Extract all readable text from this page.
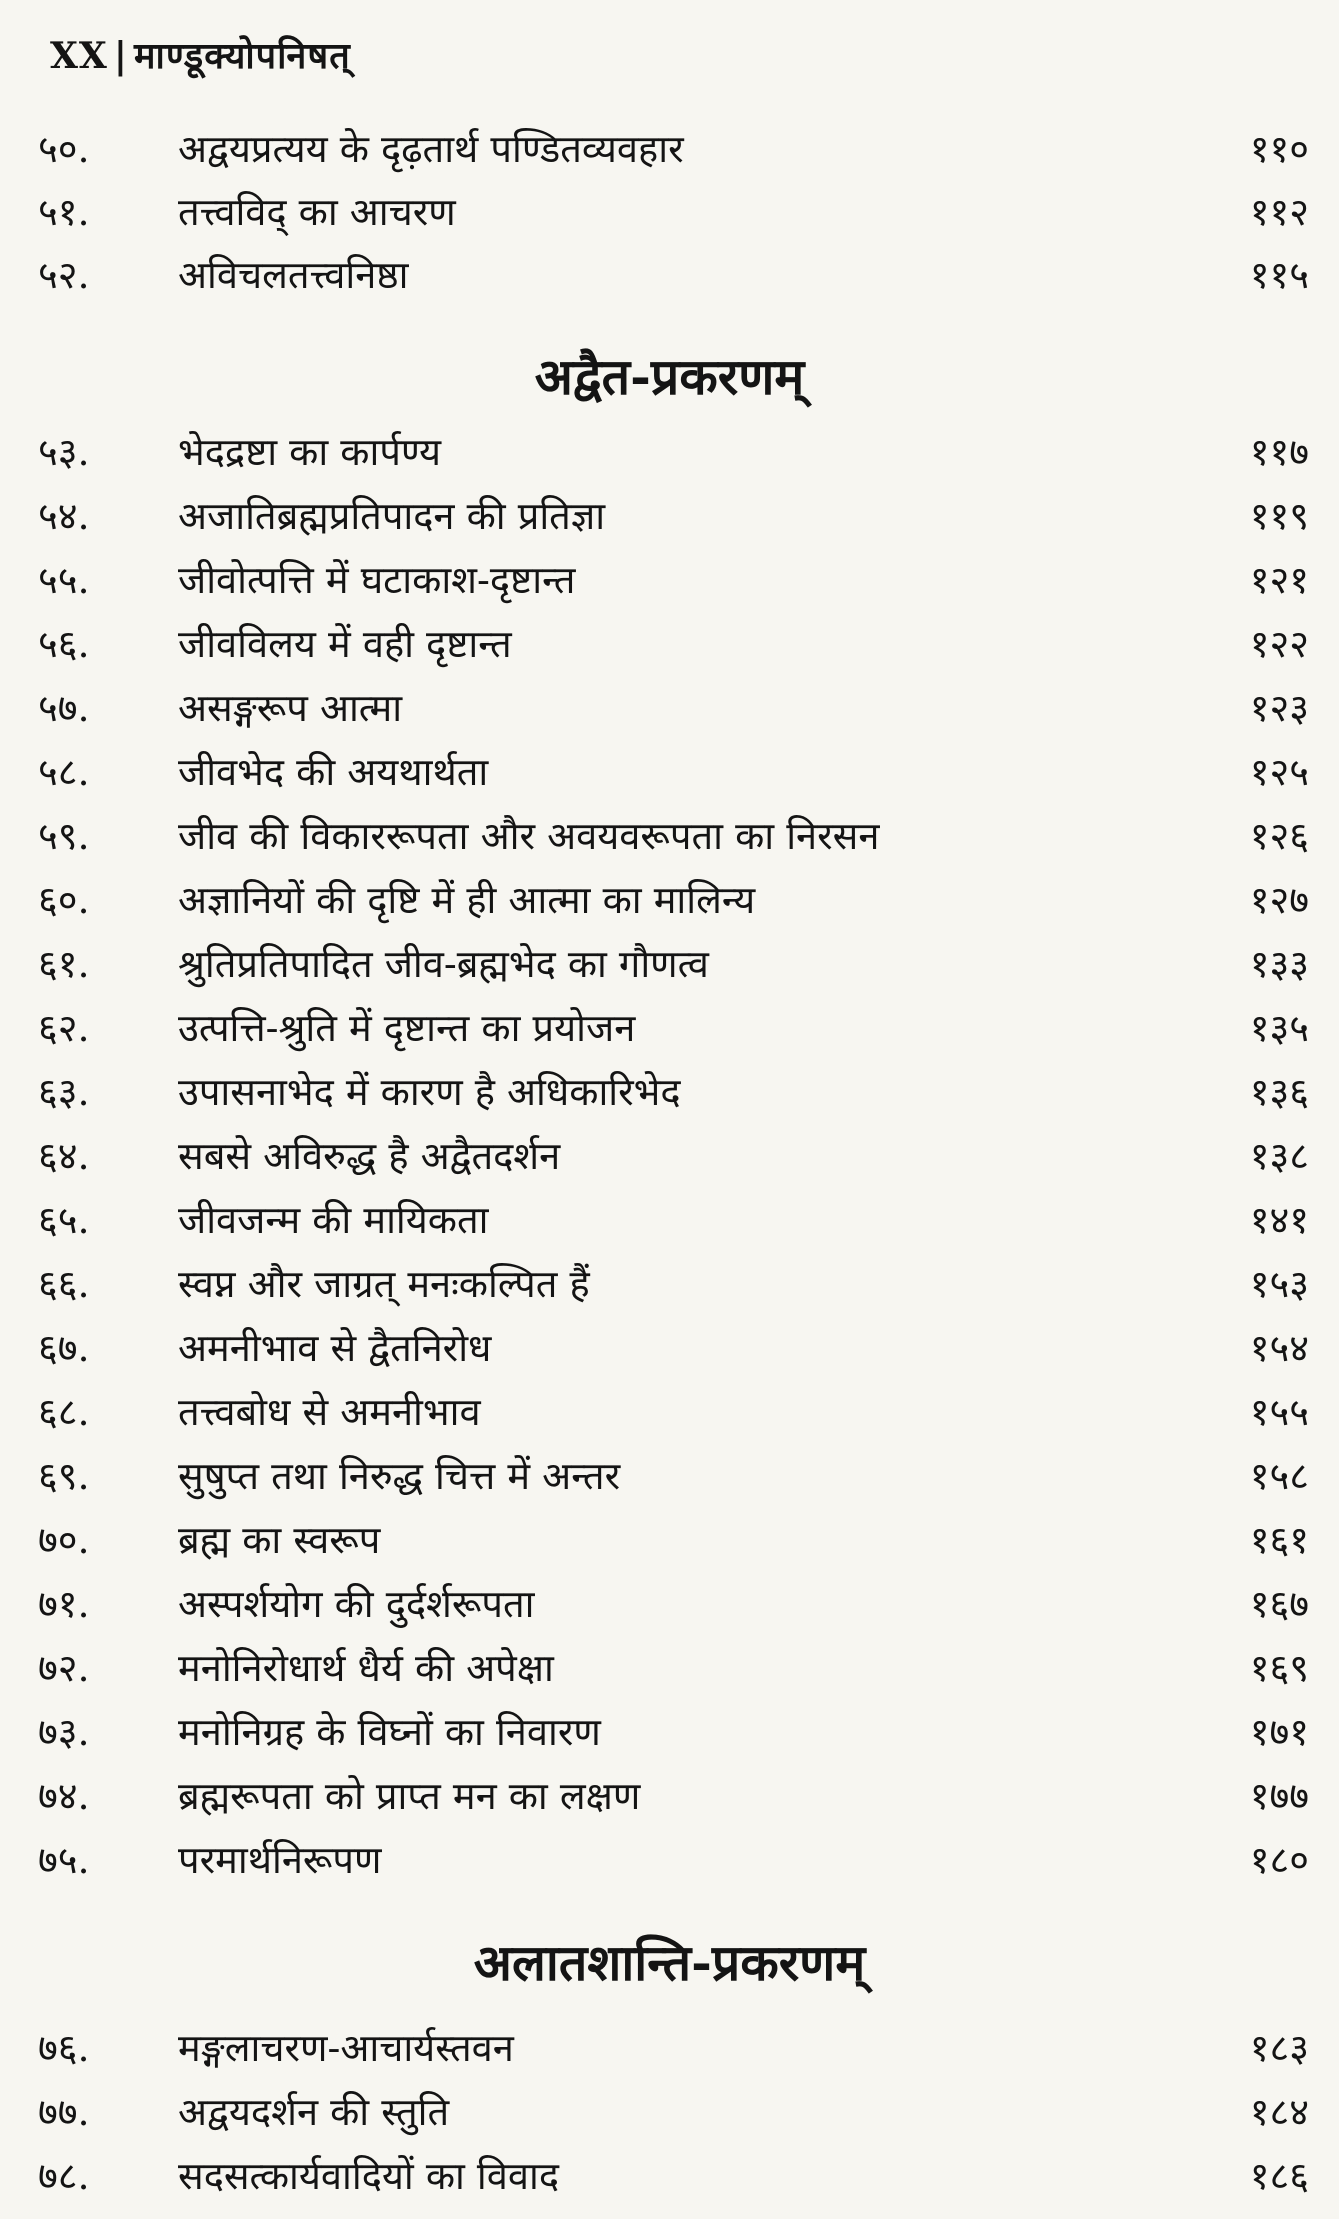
XX | माण्डूक्योपनिषत्
५०.	अद्वयप्रत्यय के दृढ़तार्थ पण्डितव्यवहार	११०
५१.	तत्त्वविद् का आचरण	११२
५२.	अविचलतत्त्वनिष्ठा	११५
अद्वैत-प्रकरणम्
५३.	भेदद्रष्टा का कार्पण्य	११७
५४.	अजातिब्रह्मप्रतिपादन की प्रतिज्ञा	११९
५५.	जीवोत्पत्ति में घटाकाश-दृष्टान्त	१२१
५६.	जीवविलय में वही दृष्टान्त	१२२
५७.	असङ्गरूप आत्मा	१२३
५८.	जीवभेद की अयथार्थता	१२५
५९.	जीव की विकाररूपता और अवयवरूपता का निरसन	१२६
६०.	अज्ञानियों की दृष्टि में ही आत्मा का मालिन्य	१२७
६१.	श्रुतिप्रतिपादित जीव-ब्रह्मभेद का गौणत्व	१३३
६२.	उत्पत्ति-श्रुति में दृष्टान्त का प्रयोजन	१३५
६३.	उपासनाभेद में कारण है अधिकारिभेद	१३६
६४.	सबसे अविरुद्ध है अद्वैतदर्शन	१३८
६५.	जीवजन्म की मायिकता	१४१
६६.	स्वप्न और जाग्रत् मनःकल्पित हैं	१५३
६७.	अमनीभाव से द्वैतनिरोध	१५४
६८.	तत्त्वबोध से अमनीभाव	१५५
६९.	सुषुप्त तथा निरुद्ध चित्त में अन्तर	१५८
७०.	ब्रह्म का स्वरूप	१६१
७१.	अस्पर्शयोग की दुर्दर्शरूपता	१६७
७२.	मनोनिरोधार्थ धैर्य की अपेक्षा	१६९
७३.	मनोनिग्रह के विघ्नों का निवारण	१७१
७४.	ब्रह्मरूपता को प्राप्त मन का लक्षण	१७७
७५.	परमार्थनिरूपण	१८०
अलातशान्ति-प्रकरणम्
७६.	मङ्गलाचरण-आचार्यस्तवन	१८३
७७.	अद्वयदर्शन की स्तुति	१८४
७८.	सदसत्कार्यवादियों का विवाद	१८६
